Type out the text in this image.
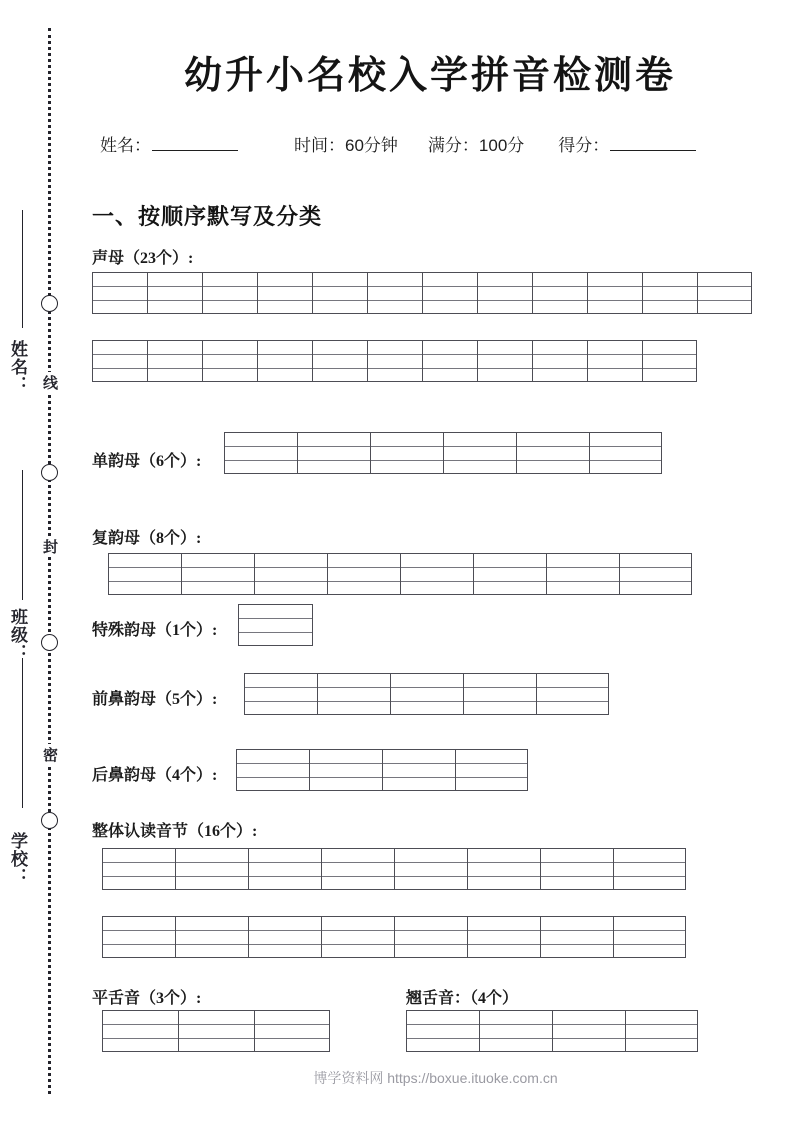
线
封
密
姓名：
班级：
学校：
幼升小名校入学拼音检测卷
姓名：	时间：60分钟 满分：100分 得分：
一、按顺序默写及分类
声母（23个）:
单韵母（6个）:
复韵母（8个）:
特殊韵母（1个）:
前鼻韵母（5个）:
后鼻韵母（4个）:
整体认读音节（16个）:
平舌音（3个）:	翘舌音：（4个）
博学资料网 https://boxue.ituoke.com.cn
